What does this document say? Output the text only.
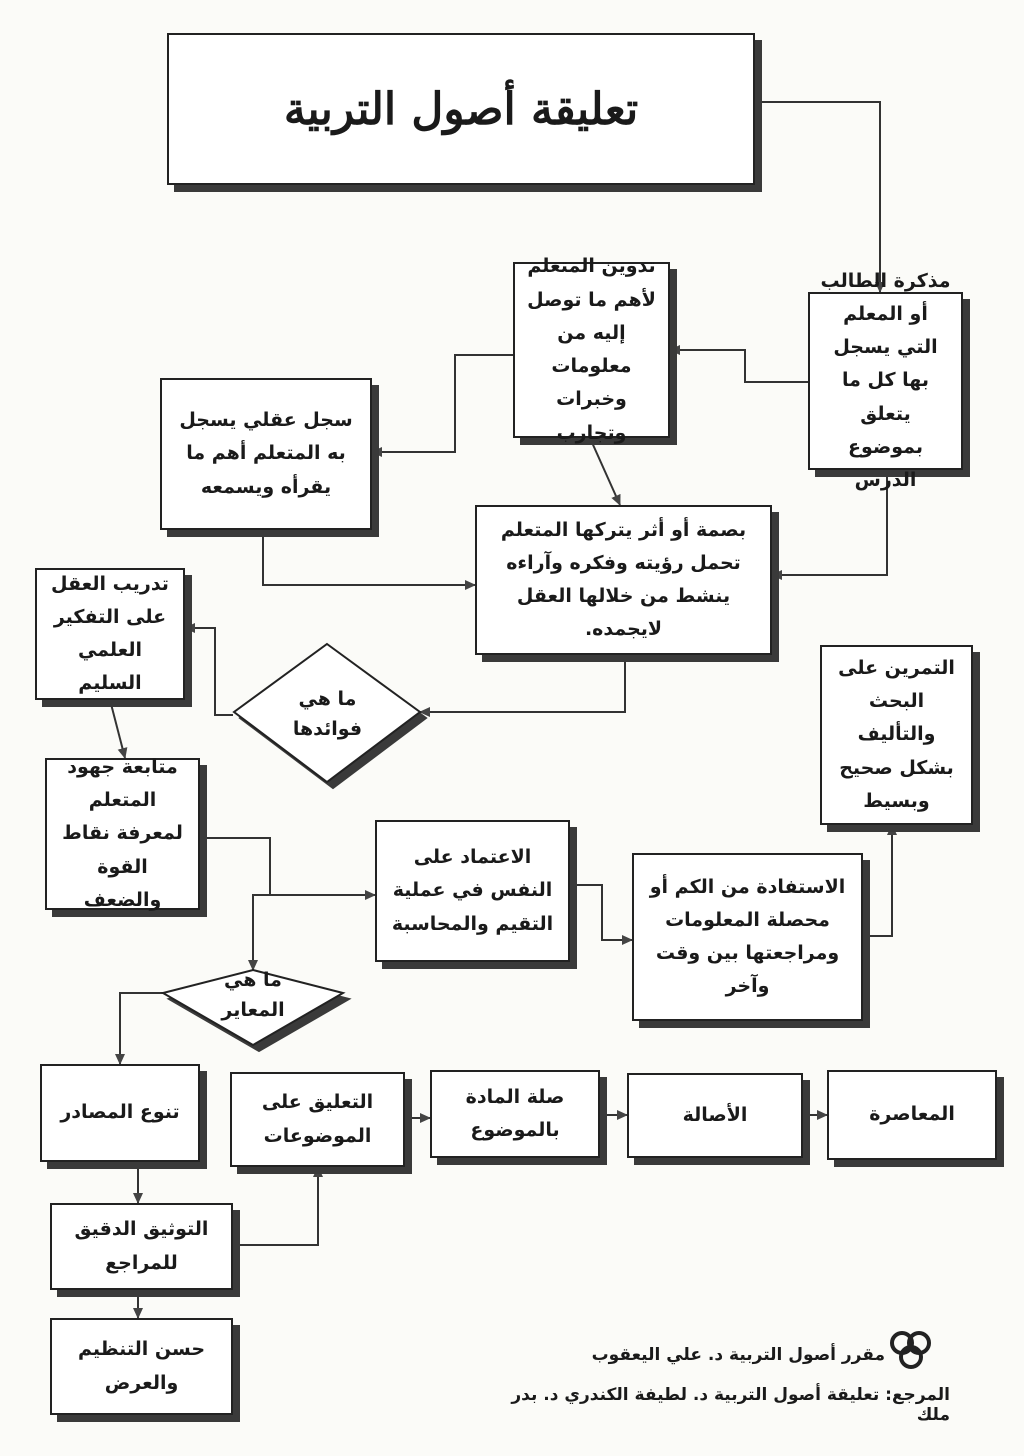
تعليقة أصول التربية
مذكرة الطالب أو المعلم التي يسجل بها كل ما يتعلق بموضوع الدرس
تدوين المتعلم لأهم ما توصل إليه من معلومات وخبرات وتجارب
سجل عقلي يسجل به المتعلم أهم ما يقرأه ويسمعه
بصمة أو أثر يتركها المتعلم تحمل رؤيته وفكره وآراءه ينشط من خلالها العقل لايجمده.
تدريب العقل على التفكير العلمي السليم
ما هي فوائدها
التمرين على البحث والتأليف بشكل صحيح وبسيط
متابعة جهود المتعلم لمعرفة نقاط القوة والضعف
الاعتماد على النفس في عملية التقيم والمحاسبة
الاستفادة من الكم أو محصلة المعلومات ومراجعتها بين وقت وآخر
ما هي المعاير
تنوع المصادر	التعليق على الموضوعات
صلة المادة بالموضوع
الأصالة	المعاصرة
التوثيق الدقيق للمراجع
حسن التنظيم والعرض
مقرر أصول التربية د. علي اليعقوب
المرجع: تعليقة أصول التربية د. لطيفة الكندري د. بدر ملك
